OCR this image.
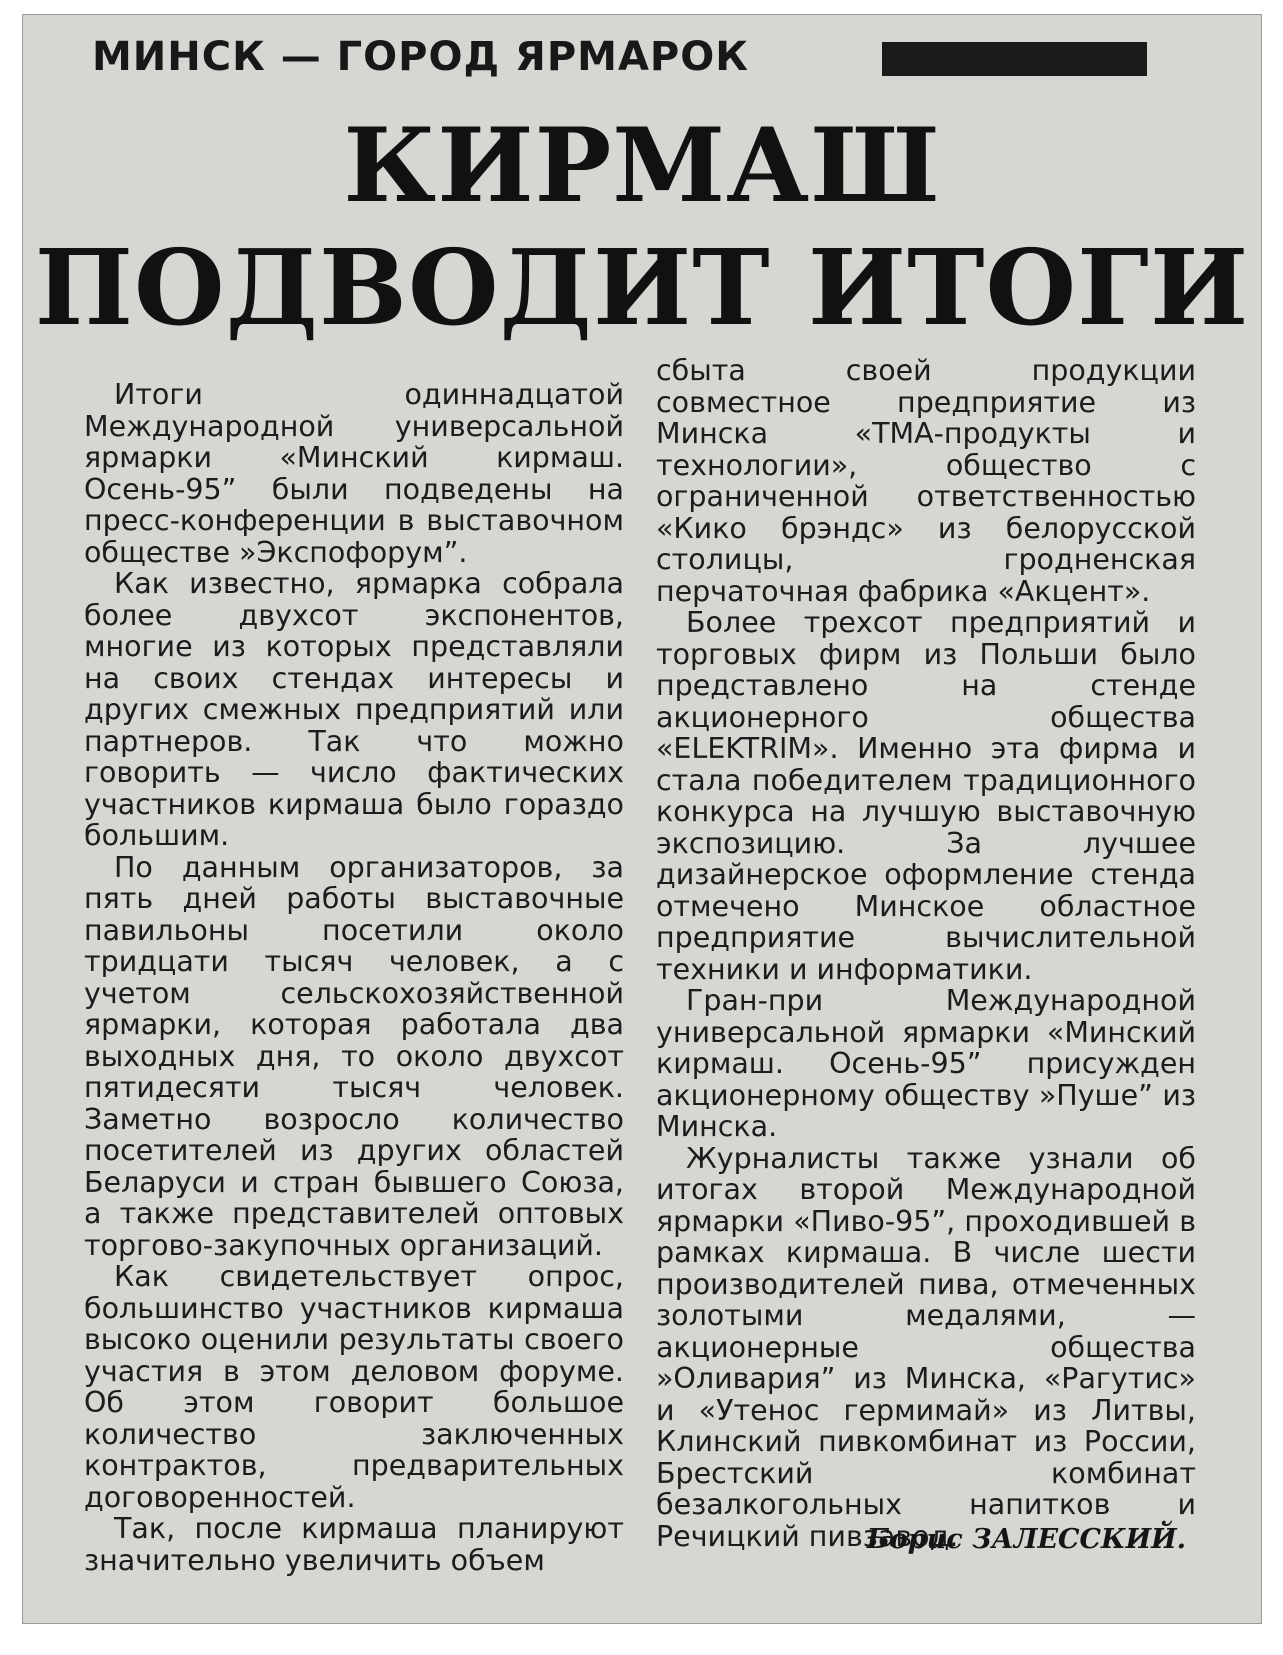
МИНСК — ГОРОД ЯРМАРОК
КИРМАШ
ПОДВОДИТ ИТОГИ

Итоги одиннадцатой Международной универсальной ярмарки «Минский кирмаш. Осень-95” были подведены на пресс-конференции в выставочном обществе »Экспофорум”.

Как известно, ярмарка собрала более двухсот экспонентов, многие из которых представляли на своих стендах интересы и других смежных предприятий или партнеров. Так что можно говорить — число фактических участников кирмаша было гораздо большим.

По данным организаторов, за пять дней работы выставочные павильоны посетили около тридцати тысяч человек, а с учетом сельскохозяйственной ярмарки, которая работала два выходных дня, то около двухсот пятидесяти тысяч человек. Заметно возросло количество посетителей из других областей Беларуси и стран бывшего Союза, а также представителей оптовых торгово-закупочных организаций.

Как свидетельствует опрос, большинство участников кирмаша высоко оценили результаты своего участия в этом деловом форуме. Об этом говорит большое количество заключенных контрактов, предварительных договоренностей.

Так, после кирмаша планируют значительно увеличить объем

сбыта своей продукции совместное предприятие из Минска «ТМА-продукты и технологии», общество с ограниченной ответственностью «Кико брэндс» из белорусской столицы, гродненская перчаточная фабрика «Акцент».

Более трехсот предприятий и торговых фирм из Польши было представлено на стенде акционерного общества «ELEKTRIM». Именно эта фирма и стала победителем традиционного конкурса на лучшую выставочную экспозицию. За лучшее дизайнерское оформление стенда отмечено Минское областное предприятие вычислительной техники и информатики.

Гран-при Международной универсальной ярмарки «Минский кирмаш. Осень-95” присужден акционерному обществу »Пуше” из Минска.

Журналисты также узнали об итогах второй Международной ярмарки «Пиво-95”, проходившей в рамках кирмаша. В числе шести производителей пива, отмеченных золотыми медалями, — акционерные общества »Оливария” из Минска, «Рагутис» и «Утенос гермимай» из Литвы, Клинский пивкомбинат из России, Брестский комбинат безалкогольных напитков и Речицкий пивзавод.

Борис ЗАЛЕССКИЙ.
